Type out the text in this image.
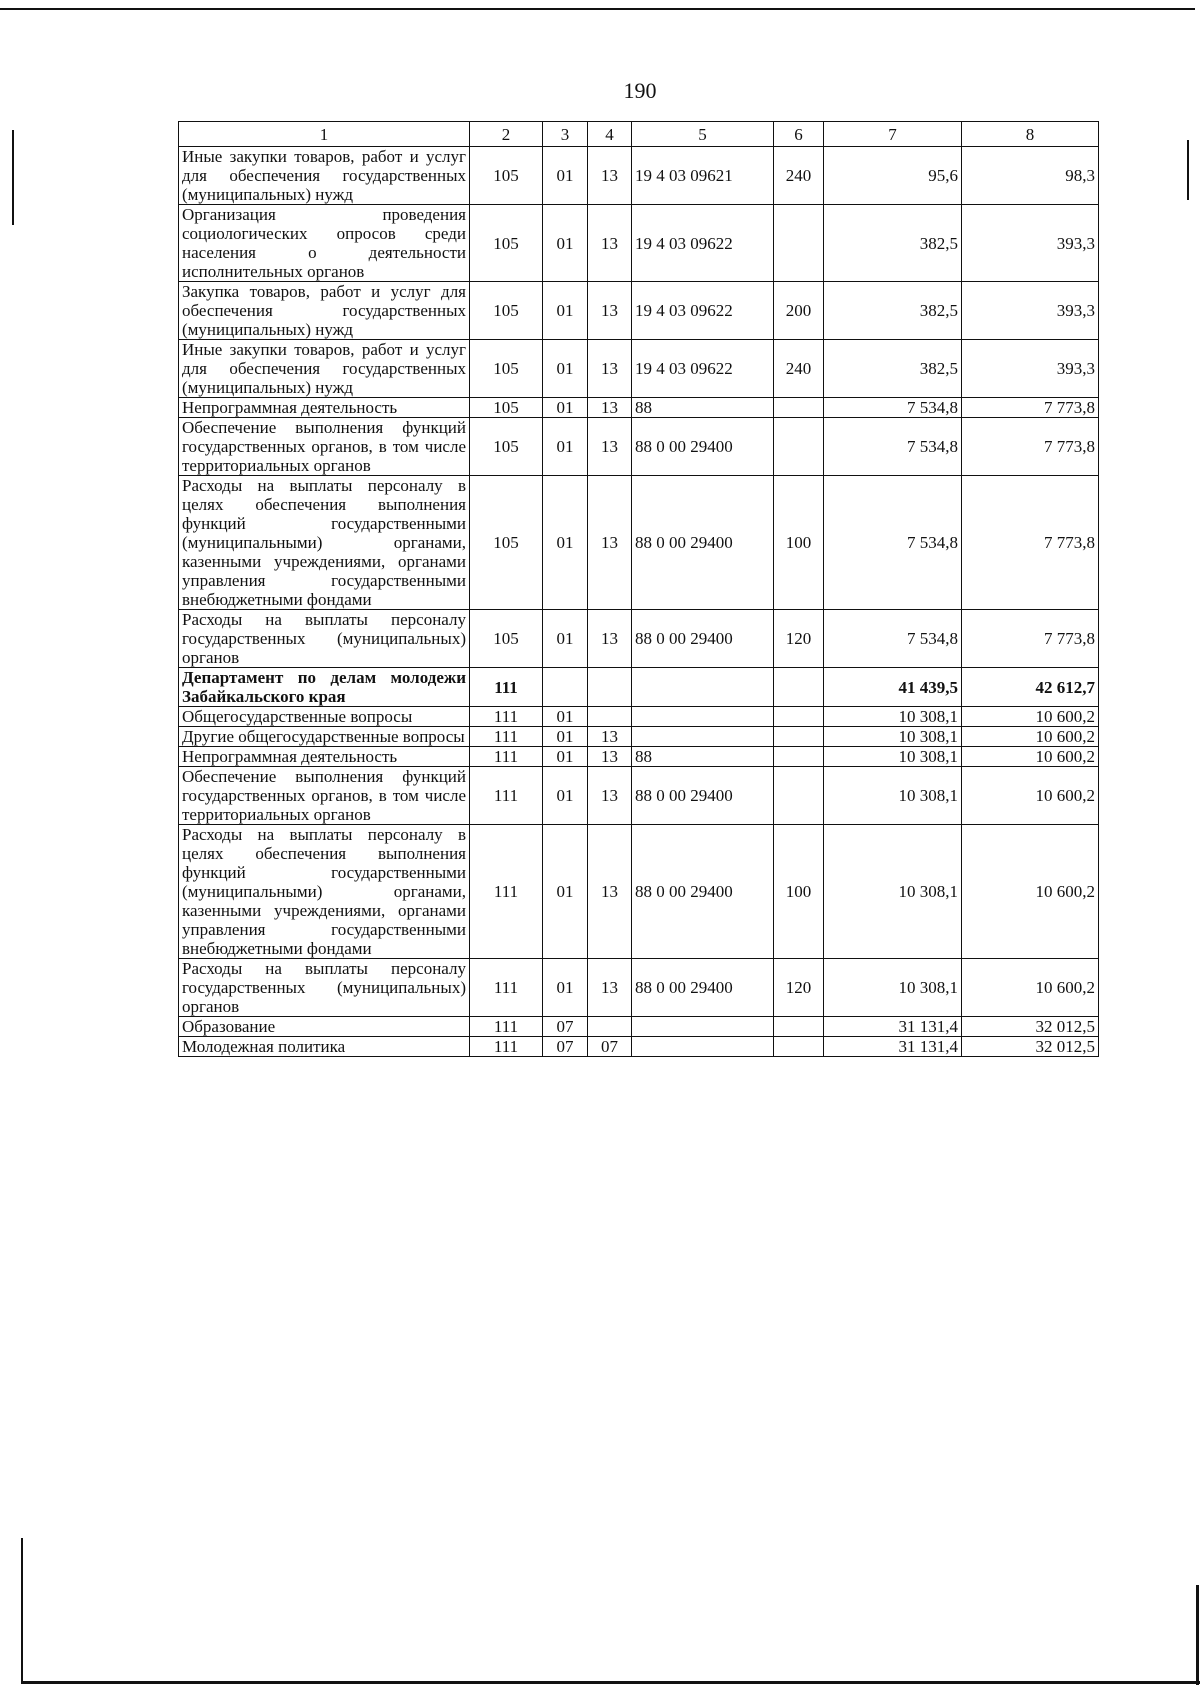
190
1	2	3	4	5	6	7	8
Иные закупки товаров, работ и услуг для обеспечения государственных (муниципальных) нужд	105	01	13	19 4 03 09621	240	95,6	98,3
Организация проведения социологических опросов среди населения о деятельности исполнительных органов	105	01	13	19 4 03 09622		382,5	393,3
Закупка товаров, работ и услуг для обеспечения государственных (муниципальных) нужд	105	01	13	19 4 03 09622	200	382,5	393,3
Иные закупки товаров, работ и услуг для обеспечения государственных (муниципальных) нужд	105	01	13	19 4 03 09622	240	382,5	393,3
Непрограммная деятельность	105	01	13	88		7 534,8	7 773,8
Обеспечение выполнения функций государственных органов, в том числе территориальных органов	105	01	13	88 0 00 29400		7 534,8	7 773,8
Расходы на выплаты персоналу в целях обеспечения выполнения функций государственными (муниципальными) органами, казенными учреждениями, органами управления государственными внебюджетными фондами	105	01	13	88 0 00 29400	100	7 534,8	7 773,8
Расходы на выплаты персоналу государственных (муниципальных) органов	105	01	13	88 0 00 29400	120	7 534,8	7 773,8
Департамент по делам молодежи Забайкальского края	111					41 439,5	42 612,7
Общегосударственные вопросы	111	01				10 308,1	10 600,2
Другие общегосударственные вопросы	111	01	13			10 308,1	10 600,2
Непрограммная деятельность	111	01	13	88		10 308,1	10 600,2
Обеспечение выполнения функций государственных органов, в том числе территориальных органов	111	01	13	88 0 00 29400		10 308,1	10 600,2
Расходы на выплаты персоналу в целях обеспечения выполнения функций государственными (муниципальными) органами, казенными учреждениями, органами управления государственными внебюджетными фондами	111	01	13	88 0 00 29400	100	10 308,1	10 600,2
Расходы на выплаты персоналу государственных (муниципальных) органов	111	01	13	88 0 00 29400	120	10 308,1	10 600,2
Образование	111	07				31 131,4	32 012,5
Молодежная политика	111	07	07			31 131,4	32 012,5
